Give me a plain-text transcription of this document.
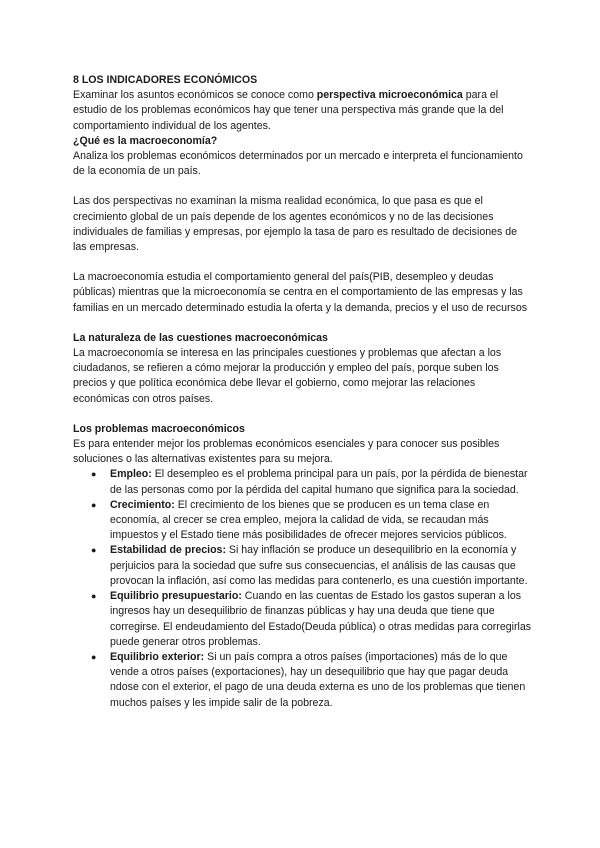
8 LOS INDICADORES ECONÓMICOS

Examinar los asuntos económicos se conoce como perspectiva microeconómica para el estudio de los problemas económicos hay que tener una perspectiva más grande que la del comportamiento individual de los agentes.

¿Qué es la macroeconomía?

Analiza los problemas económicos determinados por un mercado e interpreta el funcionamiento de la economía de un país.

Las dos perspectivas no examinan la misma realidad económica, lo que pasa es que el crecimiento global de un país depende de los agentes económicos y no de las decisiones individuales de familias y empresas, por ejemplo la tasa de paro es resultado de decisiones de las empresas.

La macroeconomía estudia el comportamiento general del país(PIB, desempleo y deudas públicas) mientras que la microeconomía se centra en el comportamiento de las empresas y las familias en un mercado determinado estudia la oferta y la demanda, precios y el uso de recursos

La naturaleza de las cuestiones macroeconómicas

La macroeconomía se interesa en las principales cuestiones y problemas que afectan a los ciudadanos, se refieren a cómo mejorar la producción y empleo del país, porque suben los precios y que política económica debe llevar el gobierno, como mejorar las relaciones económicas con otros países.

Los problemas macroeconómicos

Es para entender mejor los problemas económicos esenciales y para conocer sus posibles soluciones o las alternativas existentes para su mejora.

● Empleo: El desempleo es el problema principal para un país, por la pérdida de bienestar de las personas como por la pérdida del capital humano que significa para la sociedad.
● Crecimiento: El crecimiento de los bienes que se producen es un tema clase en economía, al crecer se crea empleo, mejora la calidad de vida, se recaudan más impuestos y el Estado tiene más posibilidades de ofrecer mejores servicios públicos.
● Estabilidad de precios: Si hay inflación se produce un desequilibrio en la economía y perjuicios para la sociedad que sufre sus consecuencias, el análisis de las causas que provocan la inflación, así como las medidas para contenerlo, es una cuestión importante.
● Equilibrio presupuestario: Cuando en las cuentas de Estado los gastos superan a los ingresos hay un desequilibrio de finanzas públicas y hay una deuda que tiene que corregirse. El endeudamiento del Estado(Deuda pública) o otras medidas para corregirlas puede generar otros problemas.
● Equilibrio exterior: Si un país compra a otros países (importaciones) más de lo que vende a otros países (exportaciones), hay un desequilibrio que hay que pagar deuda ndose con el exterior, el pago de una deuda externa es uno de los problemas que tienen muchos países y les impide salir de la pobreza.
